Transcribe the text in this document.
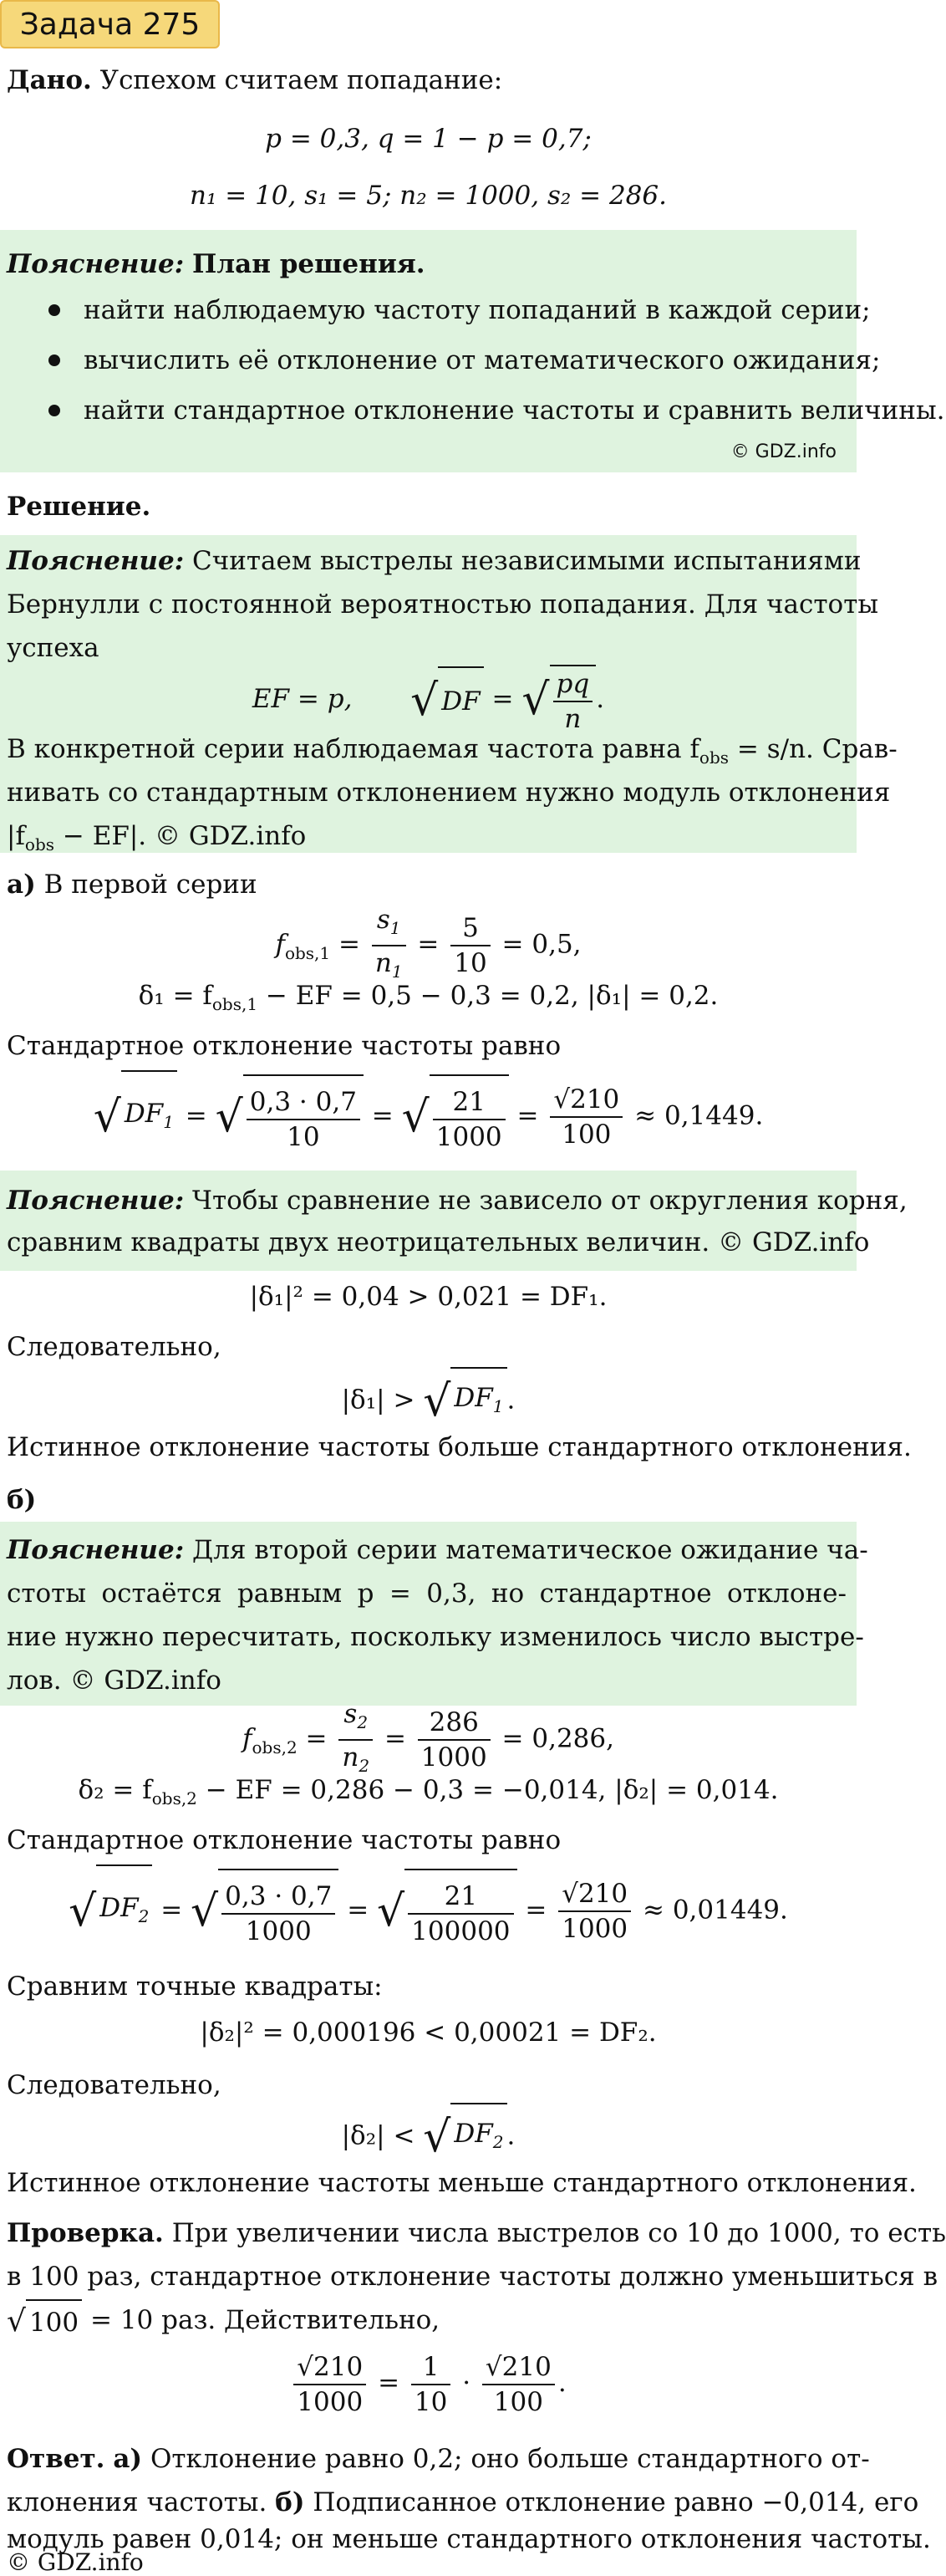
Задача 275
Дано. Успехом считаем попадание:
p = 0,3, q = 1 − p = 0,7;
n₁ = 10, s₁ = 5; n₂ = 1000, s₂ = 286.
Пояснение: План решения.
найти наблюдаемую частоту попаданий в каждой серии;
вычислить её отклонение от математического ожидания;
найти стандартное отклонение частоты и сравнить величины.
© GDZ.info
Решение.
Пояснение: Считаем выстрелы независимыми испытаниями
Бернулли с постоянной вероятностью попадания. Для частоты
успеха
EF = p, √ DF = √ $\frac{pq}{n}$ .
В конкретной серии наблюдаемая частота равна $f_{obs} = s/n$. Срав-
нивать со стандартным отклонением нужно модуль отклонения
$|f_{obs} - EF|$. © GDZ.info
а) В первой серии
$f_{obs,1} = \frac{s_1}{n_1} = \frac{5}{10} = 0,5$,
$\delta_1 = f_{obs,1}$ − EF = 0,5 − 0,3 = 0,2, |δ₁| = 0,2.
Стандартное отклонение частоты равно
√ $DF_1$ = √ $\frac{0,3 \cdot 0,7}{10}$ = √ $\frac{21}{1000} = \frac{√210}{100} \approx 0,1449$.
Пояснение: Чтобы сравнение не зависело от округления корня,
сравним квадраты двух неотрицательных величин. © GDZ.info
|δ₁|² = 0,04 > 0,021 = DF₁.
Следовательно,
|δ₁| > √ $DF_1$ .
Истинное отклонение частоты больше стандартного отклонения.
б)
Пояснение: Для второй серии математическое ожидание ча-
стоты остаётся равным p = 0,3, но стандартное отклоне-
ние нужно пересчитать, поскольку изменилось число выстре-
лов. © GDZ.info
$f_{obs,2} = \frac{s_2}{n_2} = \frac{286}{1000} = 0,286$,
$\delta_2 = f_{obs,2}$ − EF = 0,286 − 0,3 = −0,014, |δ₂| = 0,014.
Стандартное отклонение частоты равно
√ $DF_2$ = √ $\frac{0,3 \cdot 0,7}{1000}$ = √ $\frac{21}{100000} = \frac{√210}{1000} \approx 0,01449$.
Сравним точные квадраты:
|δ₂|² = 0,000196 < 0,00021 = DF₂.
Следовательно,
|δ₂| < √ $DF_2$ .
Истинное отклонение частоты меньше стандартного отклонения.
Проверка. При увеличении числа выстрелов со 10 до 1000, то есть
в 100 раз, стандартное отклонение частоты должно уменьшиться в
√ 100 = 10 раз. Действительно,
$\frac{√210}{1000} = \frac{1}{10} \cdot \frac{√210}{100}$ .
Ответ. а) Отклонение равно 0,2; оно больше стандартного от-
клонения частоты. б) Подписанное отклонение равно −0,014, его
модуль равен 0,014; он меньше стандартного отклонения частоты.
© GDZ.info
